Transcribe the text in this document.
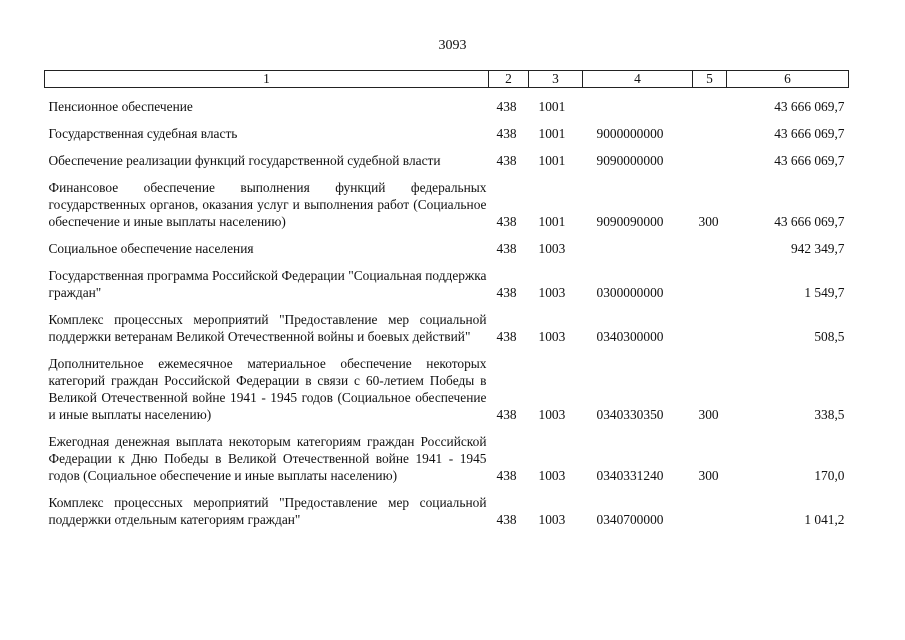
3093
1	2	3	4	5	6
Пенсионное обеспечение	438	1001			43 666 069,7
Государственная судебная власть	438	1001	9000000000		43 666 069,7
Обеспечение реализации функций государственной судебной власти	438	1001	9090000000		43 666 069,7
Финансовое обеспечение выполнения функций федеральных государственных органов, оказания услуг и выполнения работ (Социальное обеспечение и иные выплаты населению)	438	1001	9090090000	300	43 666 069,7
Социальное обеспечение населения	438	1003			942 349,7
Государственная программа Российской Федерации "Социальная поддержка граждан"	438	1003	0300000000		1 549,7
Комплекс процессных мероприятий "Предоставление мер социальной поддержки ветеранам Великой Отечественной войны и боевых действий"	438	1003	0340300000		508,5
Дополнительное ежемесячное материальное обеспечение некоторых категорий граждан Российской Федерации в связи с 60-летием Победы в Великой Отечественной войне 1941 - 1945 годов (Социальное обеспечение и иные выплаты населению)	438	1003	0340330350	300	338,5
Ежегодная денежная выплата некоторым категориям граждан Российской Федерации к Дню Победы в Великой Отечественной войне 1941 - 1945 годов (Социальное обеспечение и иные выплаты населению)	438	1003	0340331240	300	170,0
Комплекс процессных мероприятий "Предоставление мер социальной поддержки отдельным категориям граждан"	438	1003	0340700000		1 041,2
